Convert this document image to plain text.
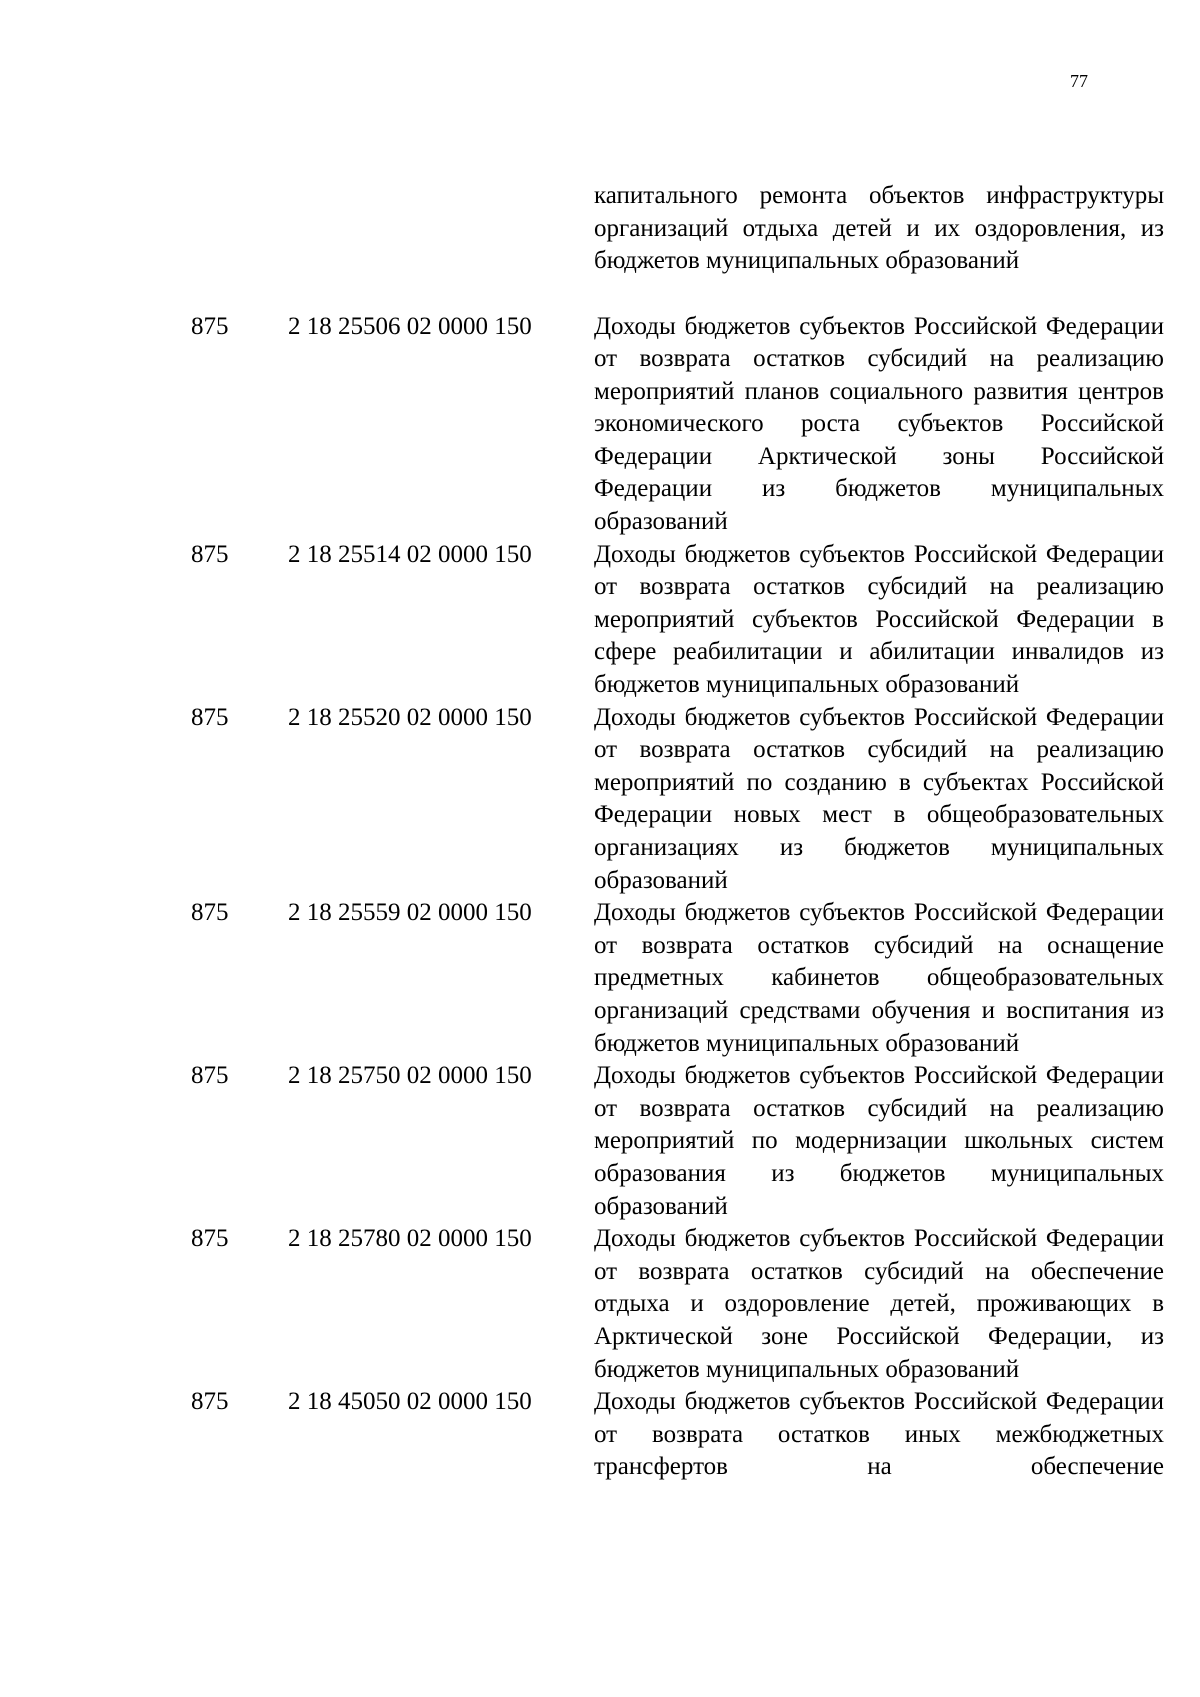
77

капитального ремонта объектов инфраструктуры организаций отдыха детей и их оздоровления, из бюджетов муниципальных образований

875 2 18 25506 02 0000 150 Доходы бюджетов субъектов Российской Федерации от возврата остатков субсидий на реализацию мероприятий планов социального развития центров экономического роста субъектов Российской Федерации Арктической зоны Российской Федерации из бюджетов муниципальных образований
875 2 18 25514 02 0000 150 Доходы бюджетов субъектов Российской Федерации от возврата остатков субсидий на реализацию мероприятий субъектов Российской Федерации в сфере реабилитации и абилитации инвалидов из бюджетов муниципальных образований
875 2 18 25520 02 0000 150 Доходы бюджетов субъектов Российской Федерации от возврата остатков субсидий на реализацию мероприятий по созданию в субъектах Российской Федерации новых мест в общеобразовательных организациях из бюджетов муниципальных образований
875 2 18 25559 02 0000 150 Доходы бюджетов субъектов Российской Федерации от возврата остатков субсидий на оснащение предметных кабинетов общеобразовательных организаций средствами обучения и воспитания из бюджетов муниципальных образований
875 2 18 25750 02 0000 150 Доходы бюджетов субъектов Российской Федерации от возврата остатков субсидий на реализацию мероприятий по модернизации школьных систем образования из бюджетов муниципальных образований
875 2 18 25780 02 0000 150 Доходы бюджетов субъектов Российской Федерации от возврата остатков субсидий на обеспечение отдыха и оздоровление детей, проживающих в Арктической зоне Российской Федерации, из бюджетов муниципальных образований
875 2 18 45050 02 0000 150 Доходы бюджетов субъектов Российской Федерации от возврата остатков иных межбюджетных трансфертов на обеспечение
